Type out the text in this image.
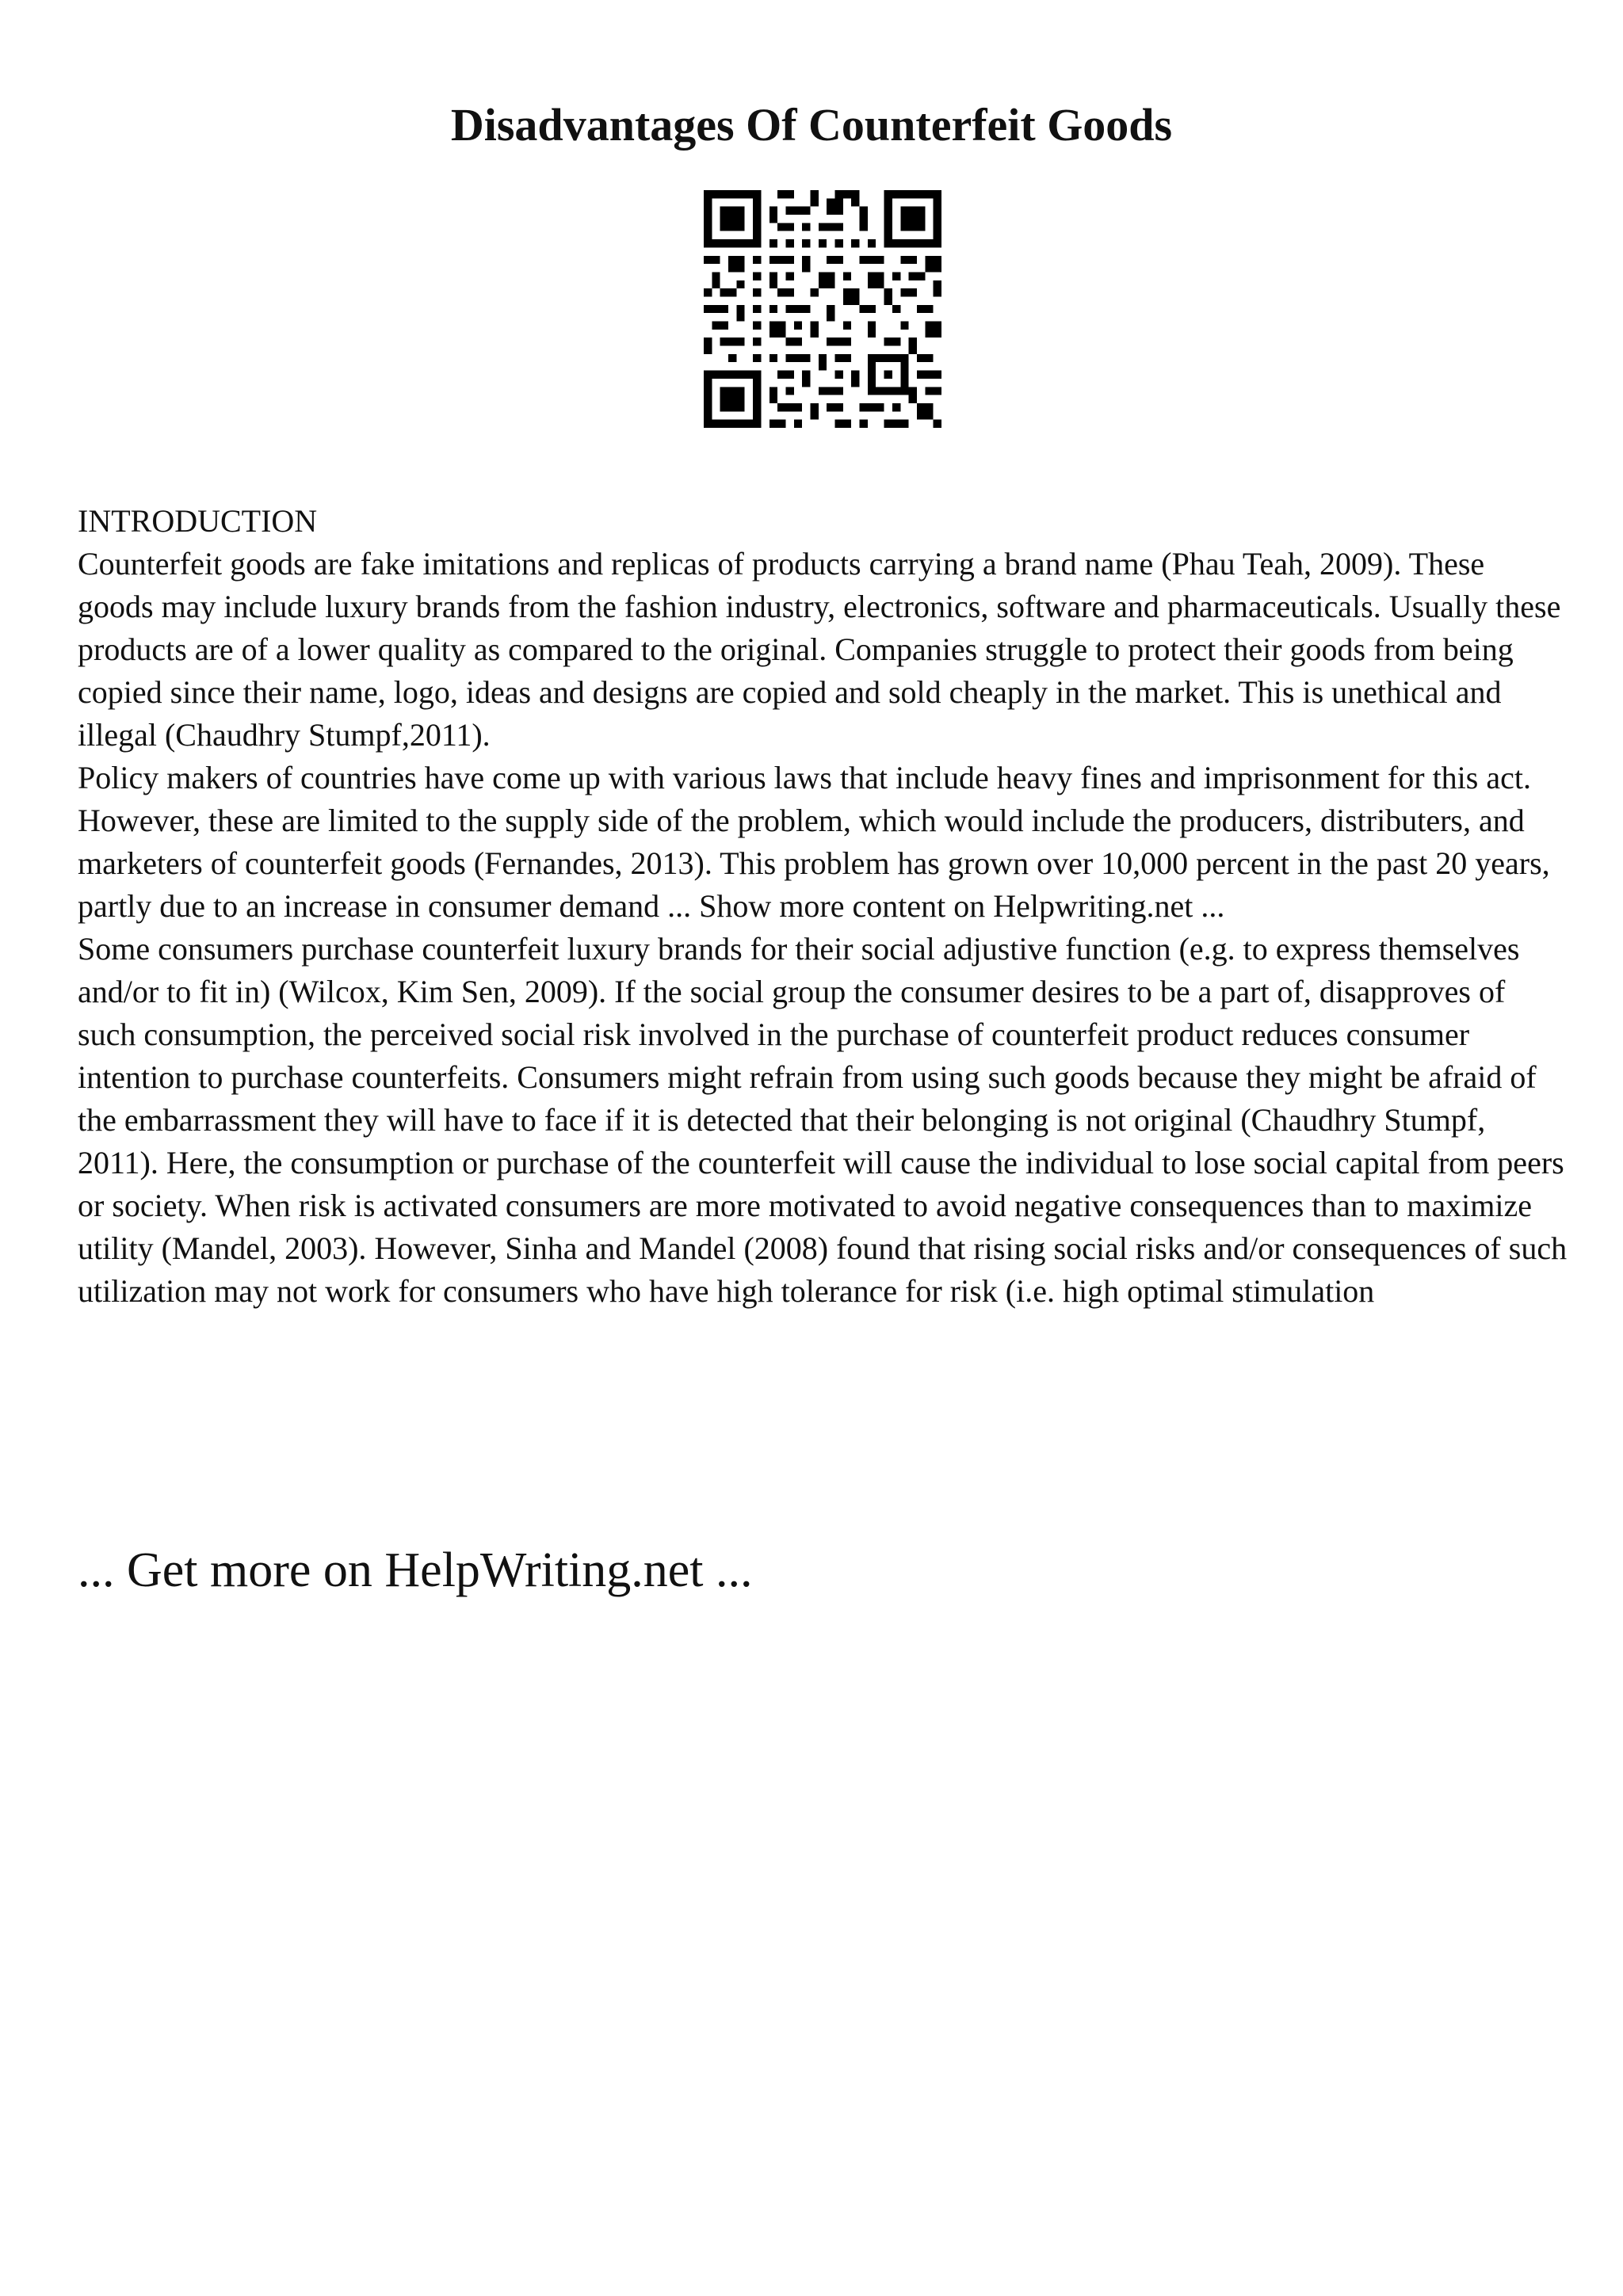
Disadvantages Of Counterfeit Goods

INTRODUCTION

Counterfeit goods are fake imitations and replicas of products carrying a brand name (Phau Teah, 2009). These goods may include luxury brands from the fashion industry, electronics, software and pharmaceuticals. Usually these products are of a lower quality as compared to the original. Companies struggle to protect their goods from being copied since their name, logo, ideas and designs are copied and sold cheaply in the market. This is unethical and illegal (Chaudhry Stumpf,2011).

Policy makers of countries have come up with various laws that include heavy fines and imprisonment for this act. However, these are limited to the supply side of the problem, which would include the producers, distributers, and marketers of counterfeit goods (Fernandes, 2013). This problem has grown over 10,000 percent in the past 20 years, partly due to an increase in consumer demand ... Show more content on Helpwriting.net ...

Some consumers purchase counterfeit luxury brands for their social adjustive function (e.g. to express themselves and/or to fit in) (Wilcox, Kim Sen, 2009). If the social group the consumer desires to be a part of, disapproves of such consumption, the perceived social risk involved in the purchase of counterfeit product reduces consumer intention to purchase counterfeits. Consumers might refrain from using such goods because they might be afraid of the embarrassment they will have to face if it is detected that their belonging is not original (Chaudhry Stumpf, 2011). Here, the consumption or purchase of the counterfeit will cause the individual to lose social capital from peers or society. When risk is activated consumers are more motivated to avoid negative consequences than to maximize utility (Mandel, 2003). However, Sinha and Mandel (2008) found that rising social risks and/or consequences of such utilization may not work for consumers who have high tolerance for risk (i.e. high optimal stimulation

... Get more on HelpWriting.net ...
